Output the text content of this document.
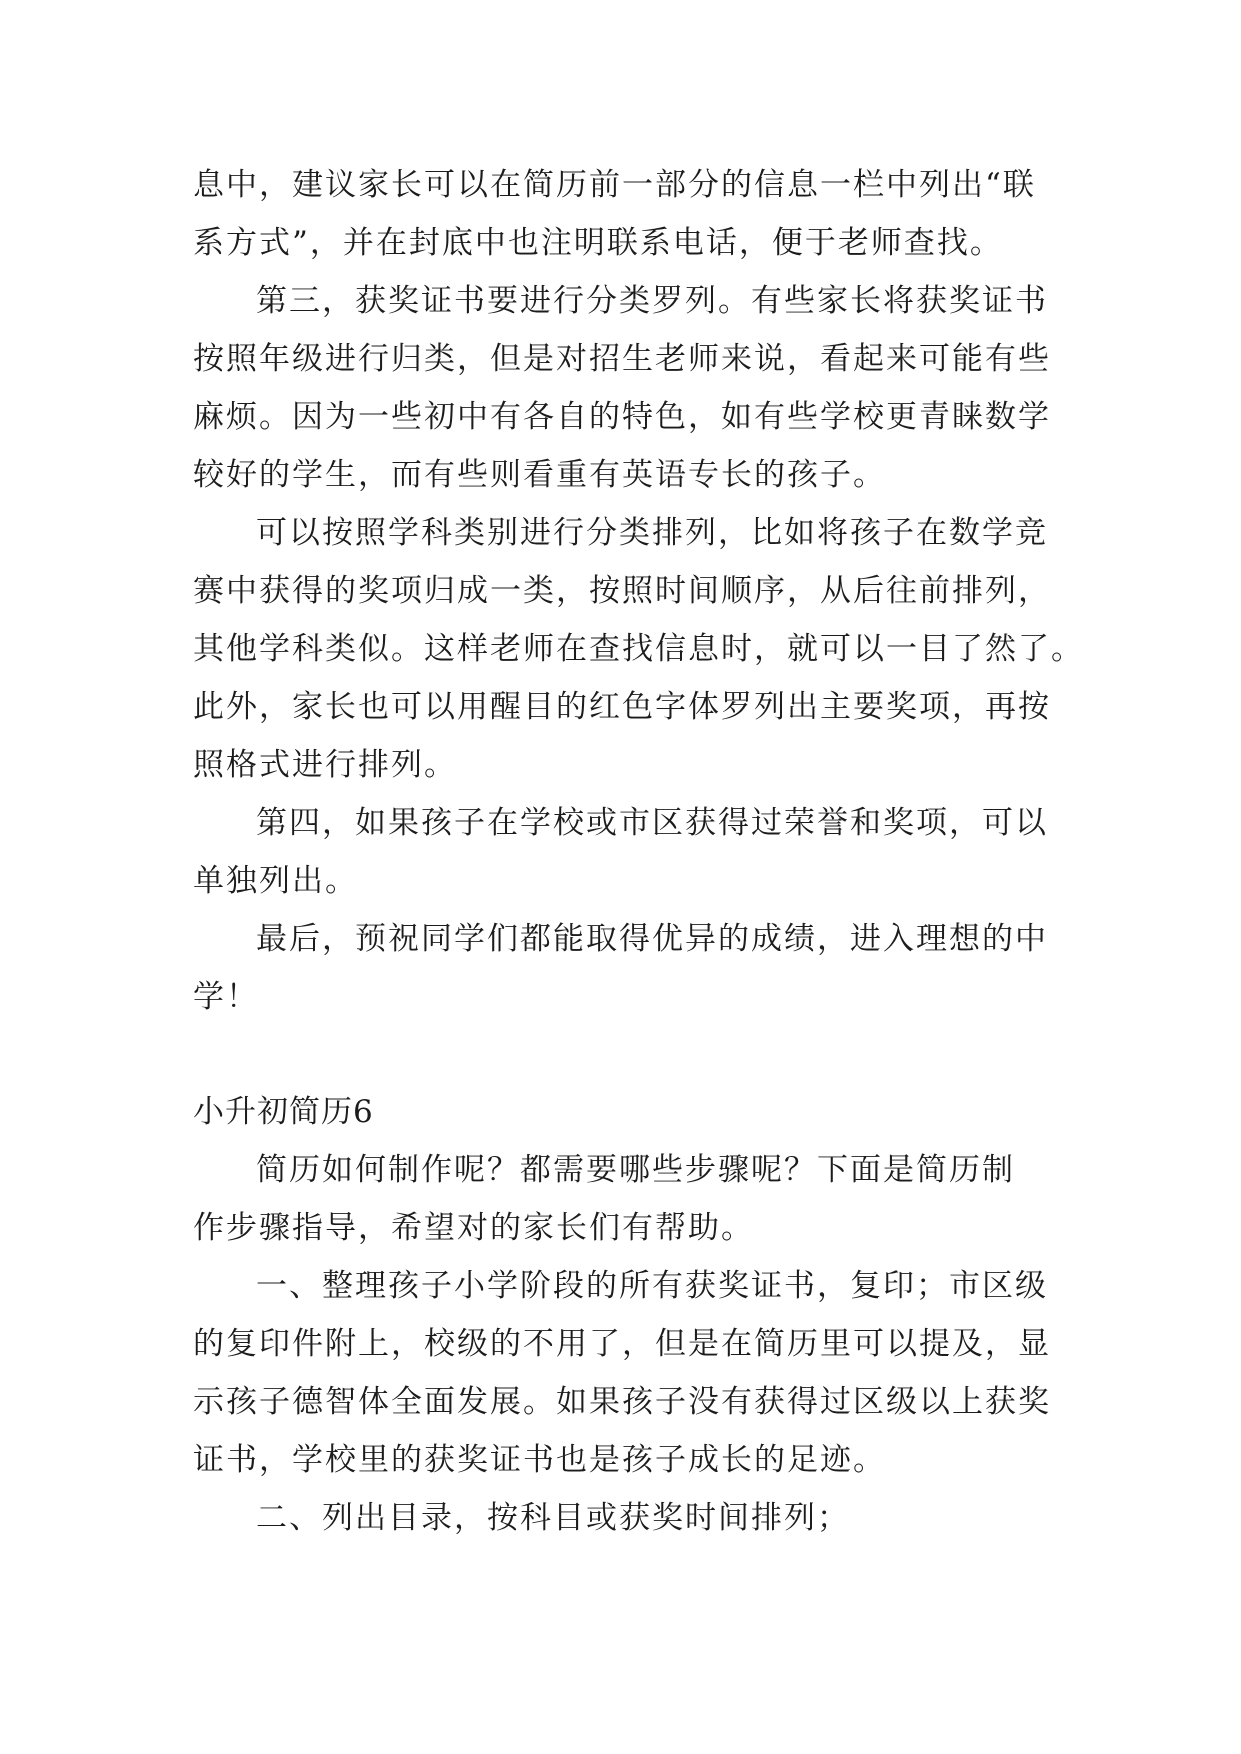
息中，建议家长可以在简历前一部分的信息一栏中列出“联
系方式”，并在封底中也注明联系电话，便于老师查找。
第三，获奖证书要进行分类罗列。有些家长将获奖证书
按照年级进行归类，但是对招生老师来说，看起来可能有些
麻烦。因为一些初中有各自的特色，如有些学校更青睐数学
较好的学生，而有些则看重有英语专长的孩子。
可以按照学科类别进行分类排列，比如将孩子在数学竞
赛中获得的奖项归成一类，按照时间顺序，从后往前排列，
其他学科类似。这样老师在查找信息时，就可以一目了然了。
此外，家长也可以用醒目的红色字体罗列出主要奖项，再按
照格式进行排列。
第四，如果孩子在学校或市区获得过荣誉和奖项，可以
单独列出。
最后，预祝同学们都能取得优异的成绩，进入理想的中
学！
小升初简历6
简历如何制作呢？都需要哪些步骤呢？下面是简历制
作步骤指导，希望对的家长们有帮助。
一、整理孩子小学阶段的所有获奖证书，复印；市区级
的复印件附上，校级的不用了，但是在简历里可以提及，显
示孩子德智体全面发展。如果孩子没有获得过区级以上获奖
证书，学校里的获奖证书也是孩子成长的足迹。
二、列出目录，按科目或获奖时间排列；
